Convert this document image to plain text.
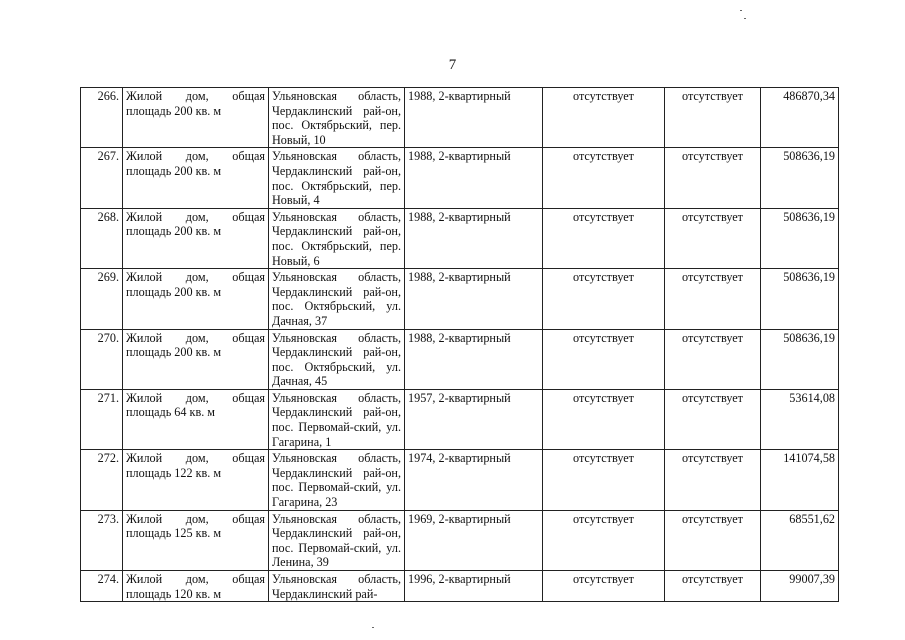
7
266.	Жилой дом, общая площадь 200 кв. м	Ульяновская область, Чердаклинский рай-он, пос. Октябрьский, пер. Новый, 10	1988, 2-квартирный	отсутствует	отсутствует	486870,34
267.	Жилой дом, общая площадь 200 кв. м	Ульяновская область, Чердаклинский рай-он, пос. Октябрьский, пер. Новый, 4	1988, 2-квартирный	отсутствует	отсутствует	508636,19
268.	Жилой дом, общая площадь 200 кв. м	Ульяновская область, Чердаклинский рай-он, пос. Октябрьский, пер. Новый, 6	1988, 2-квартирный	отсутствует	отсутствует	508636,19
269.	Жилой дом, общая площадь 200 кв. м	Ульяновская область, Чердаклинский рай-он, пос. Октябрьский, ул. Дачная, 37	1988, 2-квартирный	отсутствует	отсутствует	508636,19
270.	Жилой дом, общая площадь 200 кв. м	Ульяновская область, Чердаклинский рай-он, пос. Октябрьский, ул. Дачная, 45	1988, 2-квартирный	отсутствует	отсутствует	508636,19
271.	Жилой дом, общая площадь 64 кв. м	Ульяновская область, Чердаклинский рай-он, пос. Первомай-ский, ул. Гагарина, 1	1957, 2-квартирный	отсутствует	отсутствует	53614,08
272.	Жилой дом, общая площадь 122 кв. м	Ульяновская область, Чердаклинский рай-он, пос. Первомай-ский, ул. Гагарина, 23	1974, 2-квартирный	отсутствует	отсутствует	141074,58
273.	Жилой дом, общая площадь 125 кв. м	Ульяновская область, Чердаклинский рай-он, пос. Первомай-ский, ул. Ленина, 39	1969, 2-квартирный	отсутствует	отсутствует	68551,62
274.	Жилой дом, общая площадь 120 кв. м	Ульяновская область, Чердаклинский рай-	1996, 2-квартирный	отсутствует	отсутствует	99007,39
